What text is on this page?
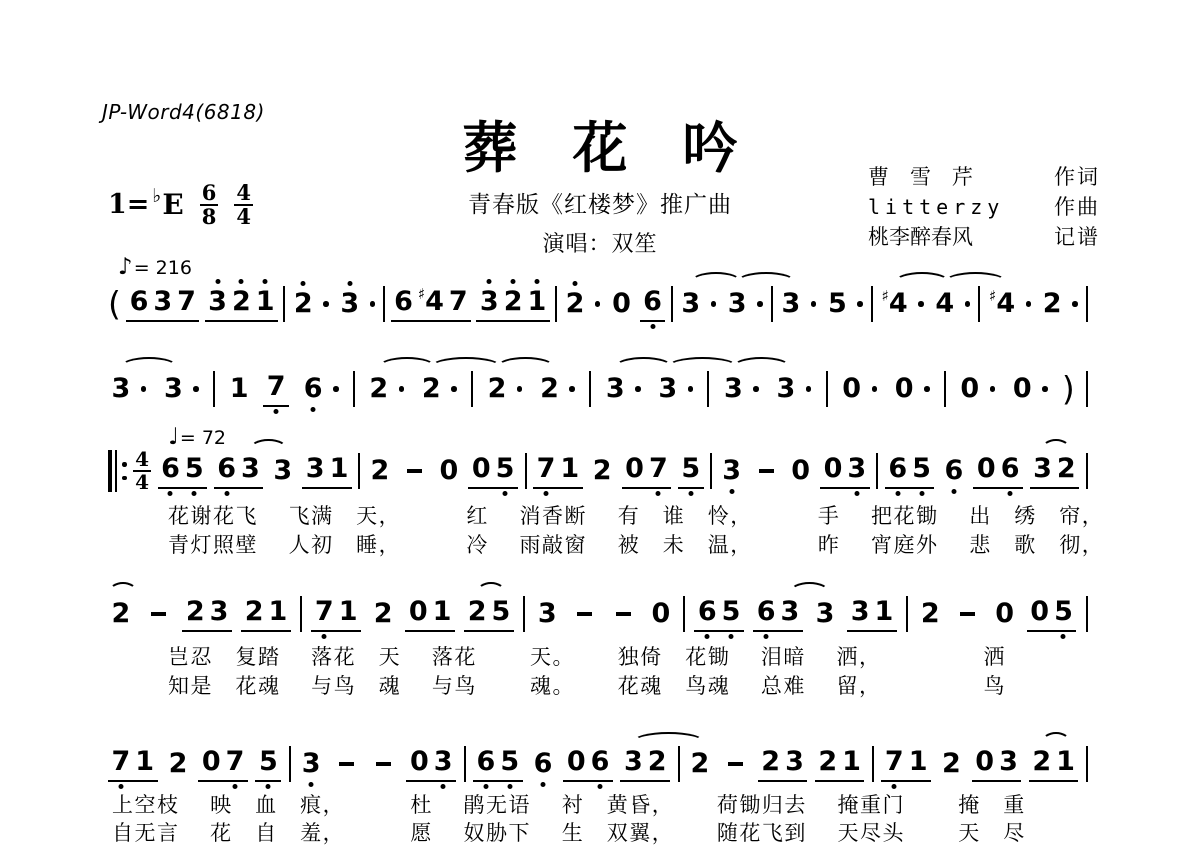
JP-Word4(6818)
葬　花　吟
青春版《红楼梦》推广曲
演唱：双笙
1= ♭ E $\frac{6}{8} \frac{4}{4}$
曹　雪　芹	作词
litterzy 作曲
桃李醉春风	记谱
♪= 216
♩= 72
( 6 3 7 3 2 1 2 3 6 ♯ 4 7 3 2 1 2 0 6 3 3 3 5 ♯ 4 4 ♯ 4 2
3 3 1 7 6 2 2 2 2 3 3 3 3 0 0 0 0 )
$\frac{4}{4} 6$ 5 6 3 3 3 1 2 0 0 5 7 1 2 0 7 5 3 0 0 3 6 5 6 0 6 3 2
2 2 3 2 1 7 1 2 0 1 2 5 3	0 6 5 6 3 3 3 1 2 0 0 5
7 1 2 0 7 5 3	0 3 6 5 6 0 6 3 2 2 2 3 2 1 7 1 2 0 3 2 1
花谢花飞　 飞满　天，　　　 红　 消香断　 有　谁　怜，　　　 手　 把花锄　 出　绣　帘，
青灯照壁　 人初　睡，　　　 冷　 雨敲窗　 被　未　温，　　　 昨　 宵庭外　 悲　歌　彻，
岂忍　复踏　 落花　天　 落花　　 天。　　 独倚　花锄　 泪暗　 洒，　　　　　洒
知是　花魂　 与鸟　魂　 与鸟　　 魂。　　 花魂　鸟魂　 总难　 留，　　　　　鸟
上空枝　 映　血　痕，　　　 杜　 鹃无语　 衬　黄昏，　　 荷锄归去　 掩重门　　 掩　重
自无言　 花　自　羞，　　　 愿　 奴胁下　 生　双翼，　　 随花飞到　 天尽头　　 天　尽
